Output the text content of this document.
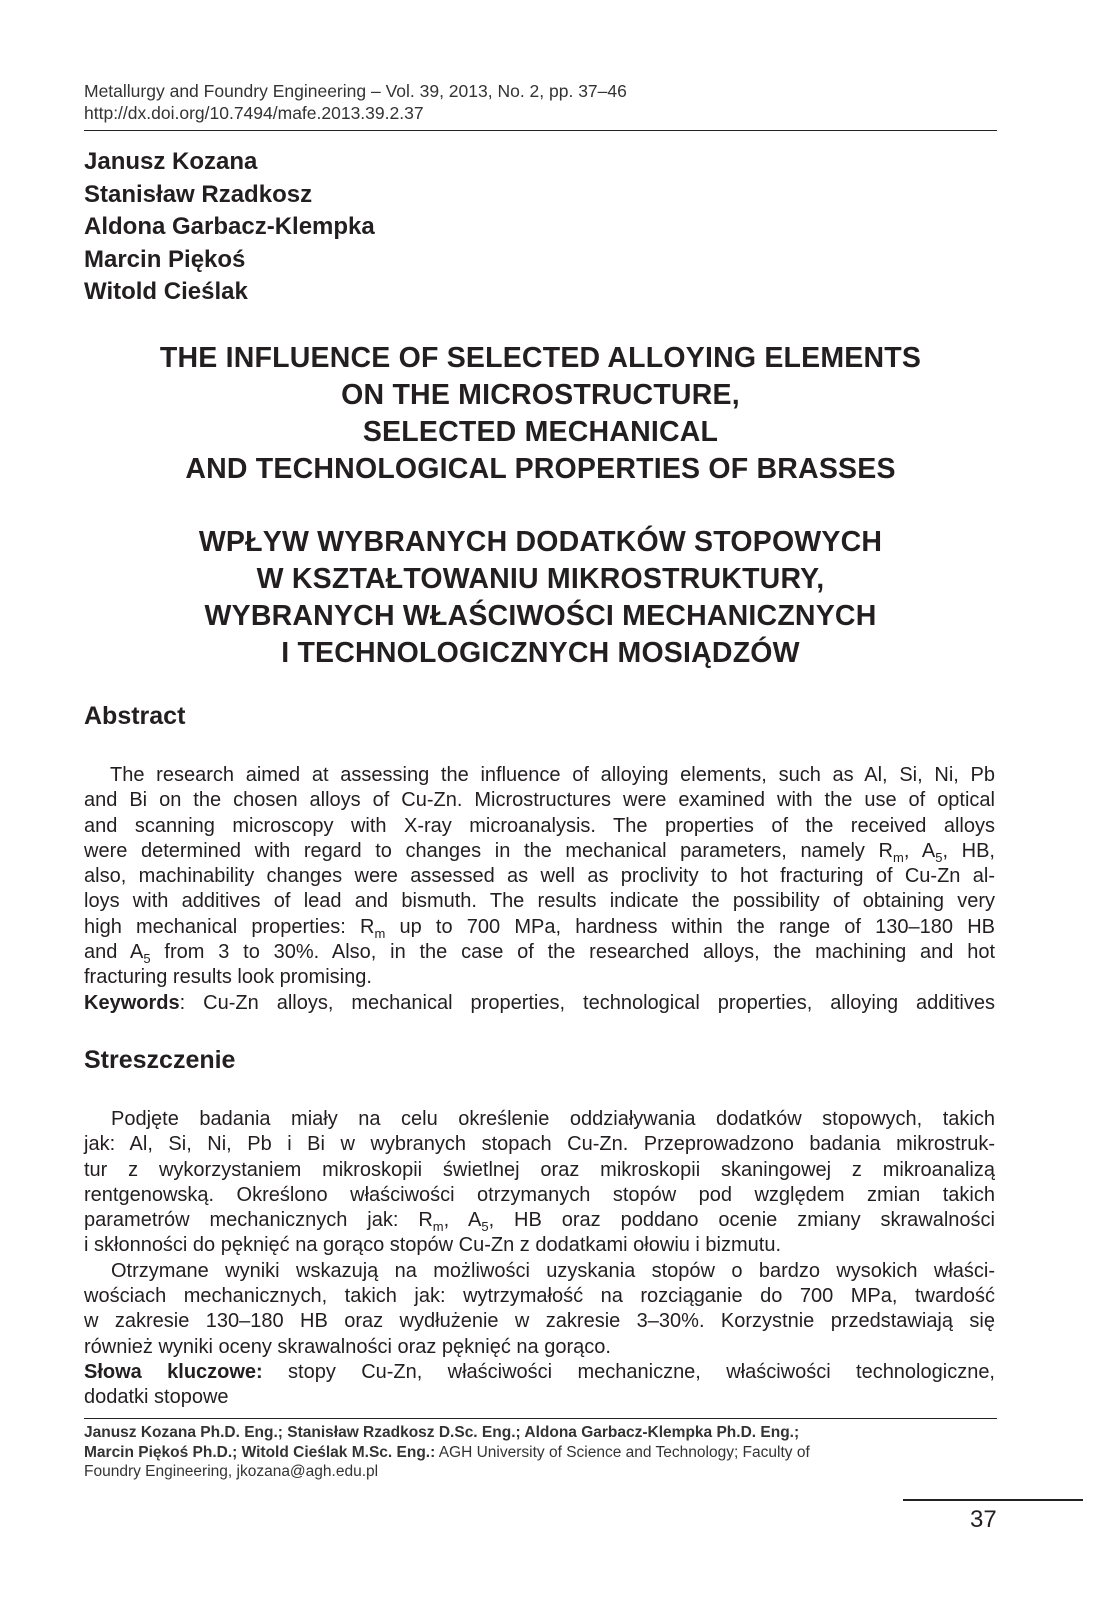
Metallurgy and Foundry Engineering – Vol. 39, 2013, No. 2, pp. 37–46
http://dx.doi.org/10.7494/mafe.2013.39.2.37
Janusz Kozana
Stanisław Rzadkosz
Aldona Garbacz-Klempka
Marcin Piękoś
Witold Cieślak
THE INFLUENCE OF SELECTED ALLOYING ELEMENTS
ON THE MICROSTRUCTURE,
SELECTED MECHANICAL
AND TECHNOLOGICAL PROPERTIES OF BRASSES
WPŁYW WYBRANYCH DODATKÓW STOPOWYCH
W KSZTAŁTOWANIU MIKROSTRUKTURY,
WYBRANYCH WŁAŚCIWOŚCI MECHANICZNYCH
I TECHNOLOGICZNYCH MOSIĄDZÓW
Abstract
The research aimed at assessing the influence of alloying elements, such as Al, Si, Ni, Pb
and Bi on the chosen alloys of Cu-Zn. Microstructures were examined with the use of optical
and scanning microscopy with X-ray microanalysis. The properties of the received alloys
were determined with regard to changes in the mechanical parameters, namely $R_m$, $A_5$, HB,
also, machinability changes were assessed as well as proclivity to hot fracturing of Cu-Zn al-
loys with additives of lead and bismuth. The results indicate the possibility of obtaining very
high mechanical properties: $R_m$ up to 700 MPa, hardness within the range of 130–180 HB
and $A_5$ from 3 to 30%. Also, in the case of the researched alloys, the machining and hot
fracturing results look promising.
Keywords: Cu-Zn alloys, mechanical properties, technological properties, alloying additives
Streszczenie
Podjęte badania miały na celu określenie oddziaływania dodatków stopowych, takich
jak: Al, Si, Ni, Pb i Bi w wybranych stopach Cu-Zn. Przeprowadzono badania mikrostruk-
tur z wykorzystaniem mikroskopii świetlnej oraz mikroskopii skaningowej z mikroanalizą
rentgenowską. Określono właściwości otrzymanych stopów pod względem zmian takich
parametrów mechanicznych jak: $R_m$, $A_5$, HB oraz poddano ocenie zmiany skrawalności
i skłonności do pęknięć na gorąco stopów Cu-Zn z dodatkami ołowiu i bizmutu.
Otrzymane wyniki wskazują na możliwości uzyskania stopów o bardzo wysokich właści-
wościach mechanicznych, takich jak: wytrzymałość na rozciąganie do 700 MPa, twardość
w zakresie 130–180 HB oraz wydłużenie w zakresie 3–30%. Korzystnie przedstawiają się
również wyniki oceny skrawalności oraz pęknięć na gorąco.
Słowa kluczowe: stopy Cu-Zn, właściwości mechaniczne, właściwości technologiczne,
dodatki stopowe
Janusz Kozana Ph.D. Eng.; Stanisław Rzadkosz D.Sc. Eng.; Aldona Garbacz-Klempka Ph.D. Eng.;
Marcin Piękoś Ph.D.; Witold Cieślak M.Sc. Eng.: AGH University of Science and Technology; Faculty of
Foundry Engineering, jkozana@agh.edu.pl
37
